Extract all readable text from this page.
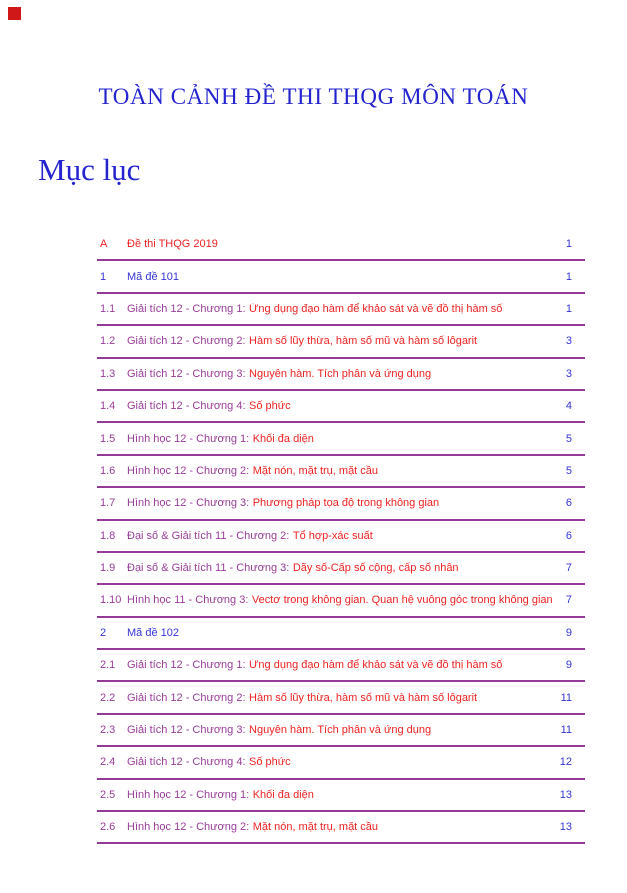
TOÀN CẢNH ĐỀ THI THQG MÔN TOÁN
Mục lục
A	Đề thi THQG 2019	1
1	Mã đề 101	1
1.1	Giải tích 12 - Chương 1: Ứng dụng đạo hàm để khảo sát và vẽ đồ thị hàm số	1
1.2	Giải tích 12 - Chương 2: Hàm số lũy thừa, hàm số mũ và hàm số lôgarit	3
1.3	Giải tích 12 - Chương 3: Nguyên hàm. Tích phân và ứng dụng	3
1.4	Giải tích 12 - Chương 4: Số phức	4
1.5	Hình học 12 - Chương 1: Khối đa diện	5
1.6	Hình học 12 - Chương 2: Mặt nón, mặt trụ, mặt cầu	5
1.7	Hình học 12 - Chương 3: Phương pháp tọa độ trong không gian	6
1.8	Đại số & Giải tích 11 - Chương 2: Tổ hợp-xác suất	6
1.9	Đại số & Giải tích 11 - Chương 3: Dãy số-Cấp số cộng, cấp số nhân	7
1.10 Hình học 11 - Chương 3: Vectơ trong không gian. Quan hệ vuông góc trong không gian	7
2	Mã đề 102	9
2.1	Giải tích 12 - Chương 1: Ứng dụng đạo hàm để khảo sát và vẽ đồ thị hàm số	9
2.2	Giải tích 12 - Chương 2: Hàm số lũy thừa, hàm số mũ và hàm số lôgarit	11
2.3	Giải tích 12 - Chương 3: Nguyên hàm. Tích phân và ứng dụng	11
2.4	Giải tích 12 - Chương 4: Số phức	12
2.5	Hình học 12 - Chương 1: Khối đa diện	13
2.6	Hình học 12 - Chương 2: Mặt nón, mặt trụ, mặt cầu	13
